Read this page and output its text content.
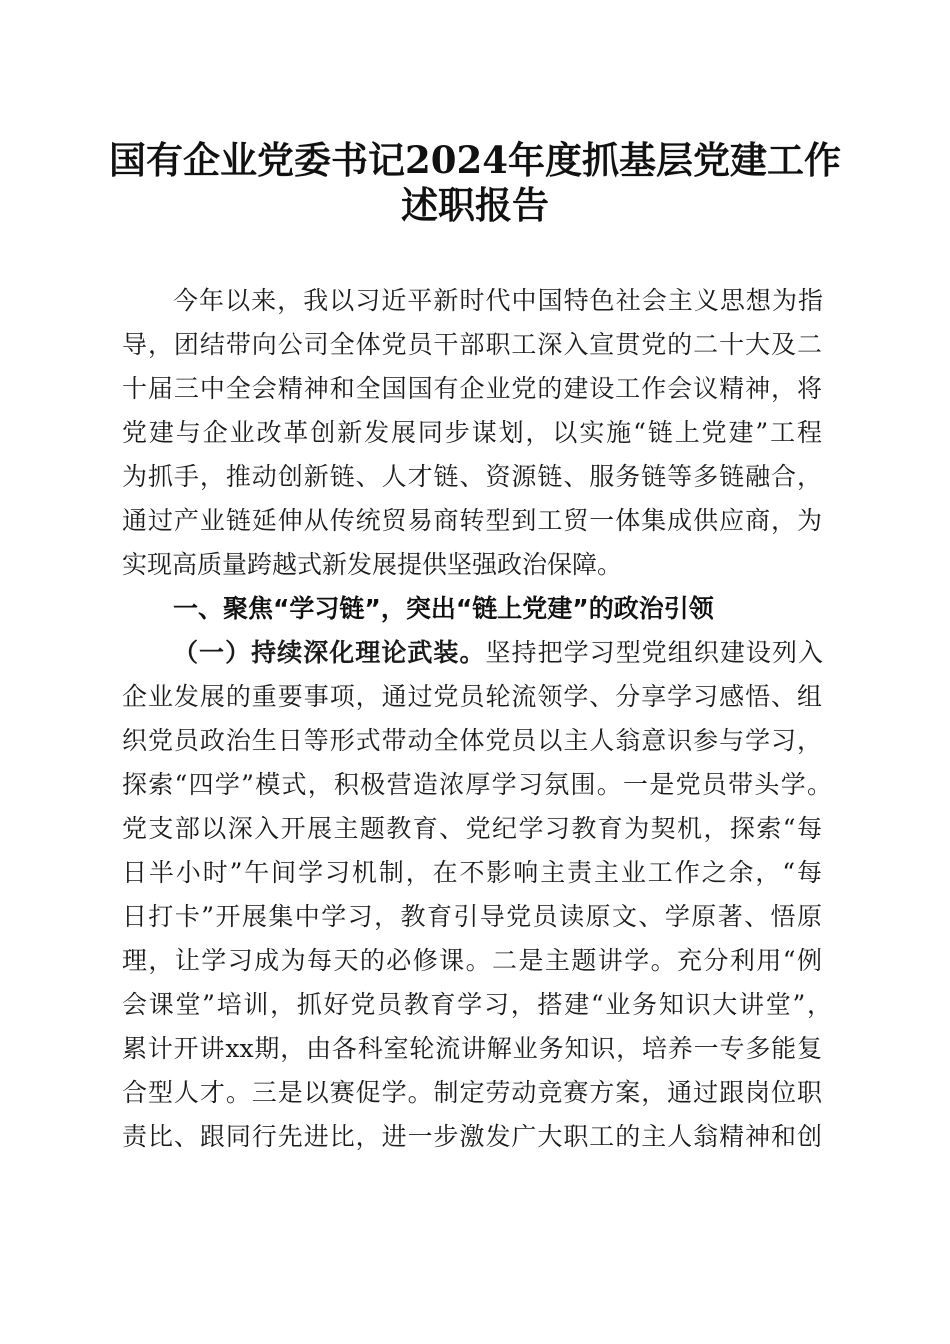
国有企业党委书记2024年度抓基层党建工作
述职报告
今年以来，我以习近平新时代中国特色社会主义思想为指
导，团结带向公司全体党员干部职工深入宣贯党的二十大及二
十届三中全会精神和全国国有企业党的建设工作会议精神，将
党建与企业改革创新发展同步谋划，以实施“链上党建”工程
为抓手，推动创新链、人才链、资源链、服务链等多链融合，
通过产业链延伸从传统贸易商转型到工贸一体集成供应商，为
实现高质量跨越式新发展提供坚强政治保障。
一、聚焦“学习链”，突出“链上党建”的政治引领
（一）持续深化理论武装。坚持把学习型党组织建设列入
企业发展的重要事项，通过党员轮流领学、分享学习感悟、组
织党员政治生日等形式带动全体党员以主人翁意识参与学习，
探索“四学”模式，积极营造浓厚学习氛围。一是党员带头学。
党支部以深入开展主题教育、党纪学习教育为契机，探索“每
日半小时”午间学习机制，在不影响主责主业工作之余，“每
日打卡”开展集中学习，教育引导党员读原文、学原著、悟原
理，让学习成为每天的必修课。二是主题讲学。充分利用“例
会课堂”培训，抓好党员教育学习，搭建“业务知识大讲堂”，
累计开讲xx期，由各科室轮流讲解业务知识，培养一专多能复
合型人才。三是以赛促学。制定劳动竞赛方案，通过跟岗位职
责比、跟同行先进比，进一步激发广大职工的主人翁精神和创
